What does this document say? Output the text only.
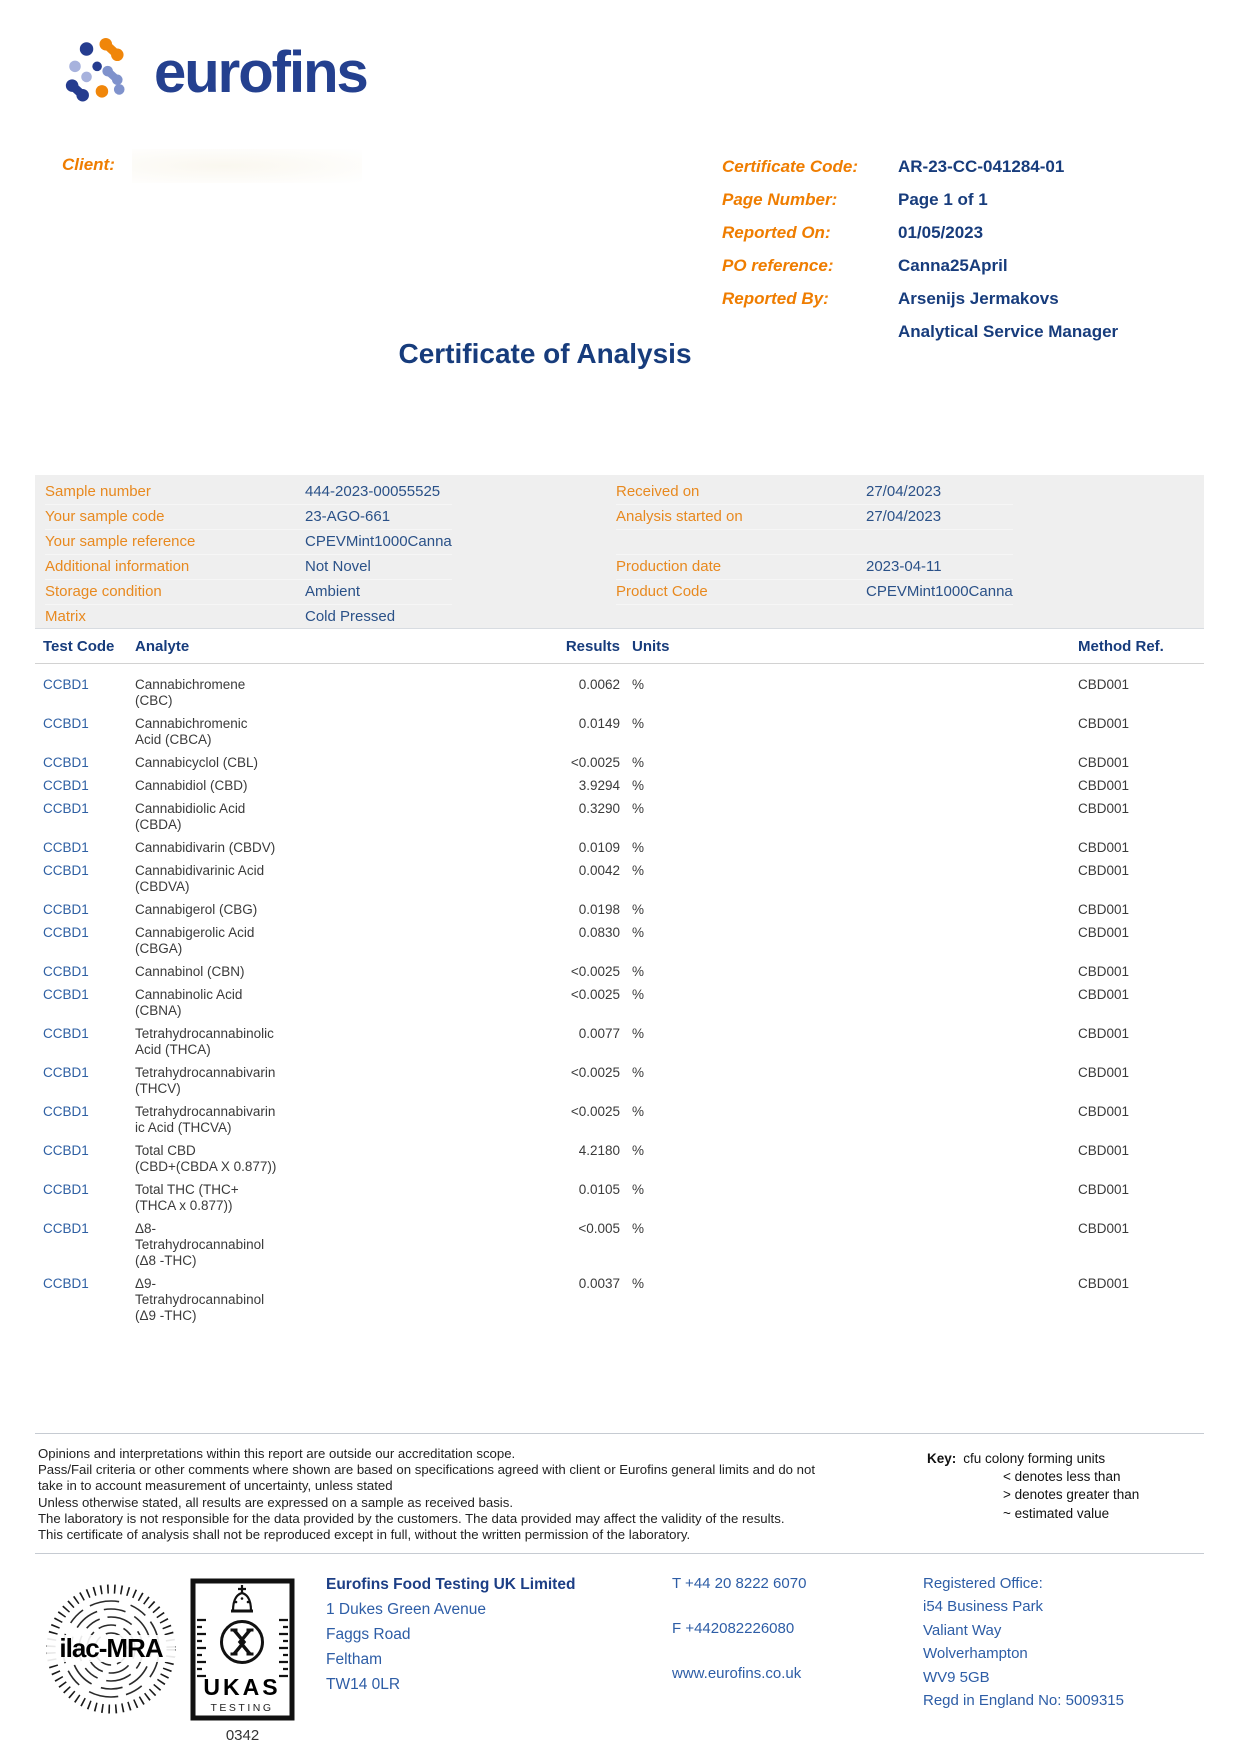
eurofins
Client:	Certificate Code:	AR-23-CC-041284-01
Page Number:	Page 1 of 1
Reported On:	01/05/2023
PO reference:	Canna25April
Reported By:	Arsenijs Jermakovs
Analytical Service Manager
Certificate of Analysis
Sample number	444-2023-00055525
Your sample code	23-AGO-661
Your sample reference	CPEVMint1000Canna
Additional information	Not Novel
Storage condition	Ambient
Matrix	Cold Pressed
Received on	27/04/2023
Analysis started on	27/04/2023
Production date	2023-04-11
Product Code	CPEVMint1000Canna
Test Code Analyte	Results Units	Method Ref.
CCBD1	Cannabichromene
(CBC)
0.0062 %	CBD001
CCBD1	Cannabichromenic
Acid (CBCA)
0.0149 %	CBD001
CCBD1	Cannabicyclol (CBL)	<0.0025 %	CBD001
CCBD1	Cannabidiol (CBD)	3.9294 %	CBD001
CCBD1	Cannabidiolic Acid
(CBDA)
0.3290 %	CBD001
CCBD1	Cannabidivarin (CBDV)	0.0109 %	CBD001
CCBD1	Cannabidivarinic Acid
(CBDVA)
0.0042 %	CBD001
CCBD1	Cannabigerol (CBG)	0.0198 %	CBD001
CCBD1	Cannabigerolic Acid
(CBGA)
0.0830 %	CBD001
CCBD1	Cannabinol (CBN)	<0.0025 %	CBD001
CCBD1	Cannabinolic Acid
(CBNA)
<0.0025 %	CBD001
CCBD1	Tetrahydrocannabinolic
Acid (THCA)
0.0077 %	CBD001
CCBD1	Tetrahydrocannabivarin
(THCV)
<0.0025 %	CBD001
CCBD1	Tetrahydrocannabivarin
ic Acid (THCVA)
<0.0025 %	CBD001
CCBD1	Total CBD
(CBD+(CBDA X 0.877))
4.2180 %	CBD001
CCBD1	Total THC (THC+
(THCA x 0.877))
0.0105 %	CBD001
CCBD1	Δ8-
Tetrahydrocannabinol
(Δ8 -THC)
<0.005 %	CBD001
CCBD1	Δ9-
Tetrahydrocannabinol
(Δ9 -THC)
0.0037 %	CBD001
Opinions and interpretations within this report are outside our accreditation scope.
Pass/Fail criteria or other comments where shown are based on specifications agreed with client or Eurofins general limits and do not
take in to account measurement of uncertainty, unless stated
Unless otherwise stated, all results are expressed on a sample as received basis.
The laboratory is not responsible for the data provided by the customers. The data provided may affect the validity of the results.
This certificate of analysis shall not be reproduced except in full, without the written permission of the laboratory.
Key: cfu colony forming units
< denotes less than
> denotes greater than
~ estimated value
ilac-MRA
UKAS
TESTING
0342
Eurofins Food Testing UK Limited
1 Dukes Green Avenue
Faggs Road
Feltham
TW14 0LR
T +44 20 8222 6070
F +442082226080
www.eurofins.co.uk
Registered Office:
i54 Business Park
Valiant Way
Wolverhampton
WV9 5GB
Regd in England No: 5009315
